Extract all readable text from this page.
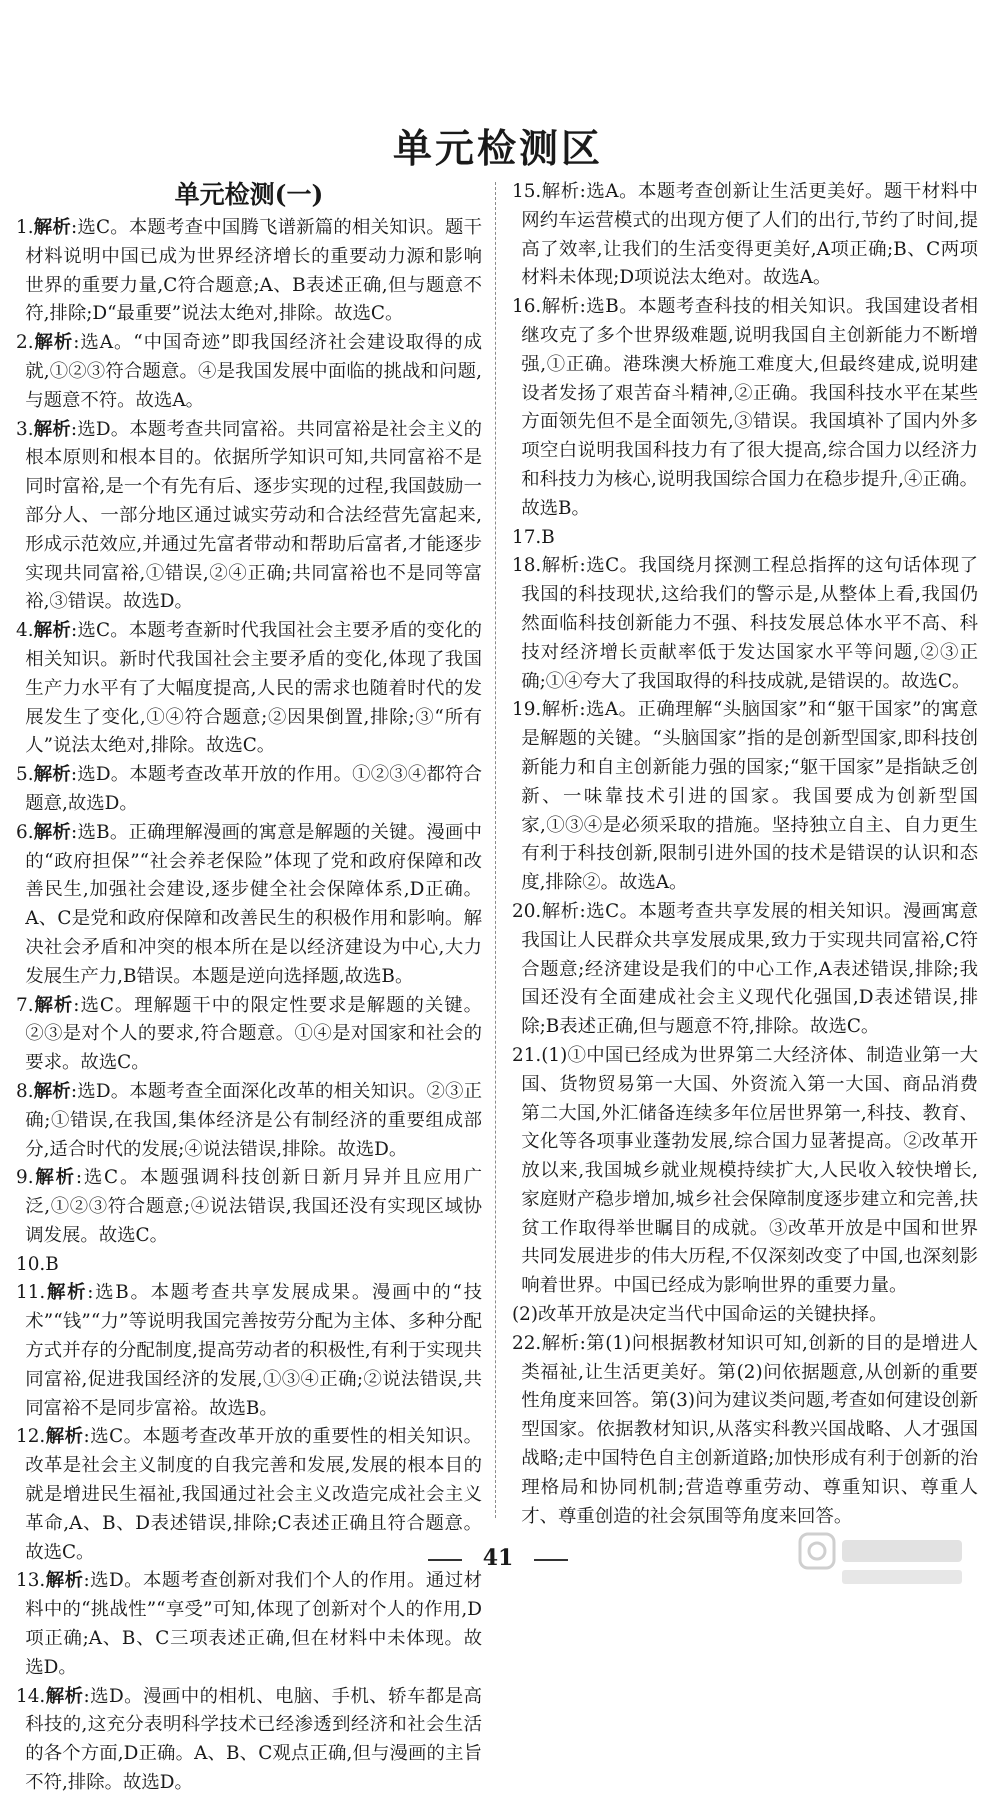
单元检测区
单元检测(一)

1.解析:选C。本题考查中国腾飞谱新篇的相关知识。题干材料说明中国已成为世界经济增长的重要动力源和影响世界的重要力量,C符合题意;A、B表述正确,但与题意不符,排除;D“最重要”说法太绝对,排除。故选C。

2.解析:选A。“中国奇迹”即我国经济社会建设取得的成就,①②③符合题意。④是我国发展中面临的挑战和问题,与题意不符。故选A。

3.解析:选D。本题考查共同富裕。共同富裕是社会主义的根本原则和根本目的。依据所学知识可知,共同富裕不是同时富裕,是一个有先有后、逐步实现的过程,我国鼓励一部分人、一部分地区通过诚实劳动和合法经营先富起来,形成示范效应,并通过先富者带动和帮助后富者,才能逐步实现共同富裕,①错误,②④正确;共同富裕也不是同等富裕,③错误。故选D。

4.解析:选C。本题考查新时代我国社会主要矛盾的变化的相关知识。新时代我国社会主要矛盾的变化,体现了我国生产力水平有了大幅度提高,人民的需求也随着时代的发展发生了变化,①④符合题意;②因果倒置,排除;③“所有人”说法太绝对,排除。故选C。

5.解析:选D。本题考查改革开放的作用。①②③④都符合题意,故选D。

6.解析:选B。正确理解漫画的寓意是解题的关键。漫画中的“政府担保”“社会养老保险”体现了党和政府保障和改善民生,加强社会建设,逐步健全社会保障体系,D正确。A、C是党和政府保障和改善民生的积极作用和影响。解决社会矛盾和冲突的根本所在是以经济建设为中心,大力发展生产力,B错误。本题是逆向选择题,故选B。

7.解析:选C。理解题干中的限定性要求是解题的关键。②③是对个人的要求,符合题意。①④是对国家和社会的要求。故选C。

8.解析:选D。本题考查全面深化改革的相关知识。②③正确;①错误,在我国,集体经济是公有制经济的重要组成部分,适合时代的发展;④说法错误,排除。故选D。

9.解析:选C。本题强调科技创新日新月异并且应用广泛,①②③符合题意;④说法错误,我国还没有实现区域协调发展。故选C。

10.B

11.解析:选B。本题考查共享发展成果。漫画中的“技术”“钱”“力”等说明我国完善按劳分配为主体、多种分配方式并存的分配制度,提高劳动者的积极性,有利于实现共同富裕,促进我国经济的发展,①③④正确;②说法错误,共同富裕不是同步富裕。故选B。

12.解析:选C。本题考查改革开放的重要性的相关知识。改革是社会主义制度的自我完善和发展,发展的根本目的就是增进民生福祉,我国通过社会主义改造完成社会主义革命,A、B、D表述错误,排除;C表述正确且符合题意。故选C。

13.解析:选D。本题考查创新对我们个人的作用。通过材料中的“挑战性”“享受”可知,体现了创新对个人的作用,D项正确;A、B、C三项表述正确,但在材料中未体现。故选D。

14.解析:选D。漫画中的相机、电脑、手机、轿车都是高科技的,这充分表明科学技术已经渗透到经济和社会生活的各个方面,D正确。A、B、C观点正确,但与漫画的主旨不符,排除。故选D。

15.解析:选A。本题考查创新让生活更美好。题干材料中网约车运营模式的出现方便了人们的出行,节约了时间,提高了效率,让我们的生活变得更美好,A项正确;B、C两项材料未体现;D项说法太绝对。故选A。

16.解析:选B。本题考查科技的相关知识。我国建设者相继攻克了多个世界级难题,说明我国自主创新能力不断增强,①正确。港珠澳大桥施工难度大,但最终建成,说明建设者发扬了艰苦奋斗精神,②正确。我国科技水平在某些方面领先但不是全面领先,③错误。我国填补了国内外多项空白说明我国科技力有了很大提高,综合国力以经济力和科技力为核心,说明我国综合国力在稳步提升,④正确。故选B。

17.B

18.解析:选C。我国绕月探测工程总指挥的这句话体现了我国的科技现状,这给我们的警示是,从整体上看,我国仍然面临科技创新能力不强、科技发展总体水平不高、科技对经济增长贡献率低于发达国家水平等问题,②③正确;①④夸大了我国取得的科技成就,是错误的。故选C。

19.解析:选A。正确理解“头脑国家”和“躯干国家”的寓意是解题的关键。“头脑国家”指的是创新型国家,即科技创新能力和自主创新能力强的国家;“躯干国家”是指缺乏创新、一味靠技术引进的国家。我国要成为创新型国家,①③④是必须采取的措施。坚持独立自主、自力更生有利于科技创新,限制引进外国的技术是错误的认识和态度,排除②。故选A。

20.解析:选C。本题考查共享发展的相关知识。漫画寓意我国让人民群众共享发展成果,致力于实现共同富裕,C符合题意;经济建设是我们的中心工作,A表述错误,排除;我国还没有全面建成社会主义现代化强国,D表述错误,排除;B表述正确,但与题意不符,排除。故选C。

21.(1)①中国已经成为世界第二大经济体、制造业第一大国、货物贸易第一大国、外资流入第一大国、商品消费第二大国,外汇储备连续多年位居世界第一,科技、教育、文化等各项事业蓬勃发展,综合国力显著提高。②改革开放以来,我国城乡就业规模持续扩大,人民收入较快增长,家庭财产稳步增加,城乡社会保障制度逐步建立和完善,扶贫工作取得举世瞩目的成就。③改革开放是中国和世界共同发展进步的伟大历程,不仅深刻改变了中国,也深刻影响着世界。中国已经成为影响世界的重要力量。

(2)改革开放是决定当代中国命运的关键抉择。

22.解析:第(1)问根据教材知识可知,创新的目的是增进人类福祉,让生活更美好。第(2)问依据题意,从创新的重要性角度来回答。第(3)问为建议类问题,考查如何建设创新型国家。依据教材知识,从落实科教兴国战略、人才强国战略;走中国特色自主创新道路;加快形成有利于创新的治理格局和协同机制;营造尊重劳动、尊重知识、尊重人才、尊重创造的社会氛围等角度来回答。

41
